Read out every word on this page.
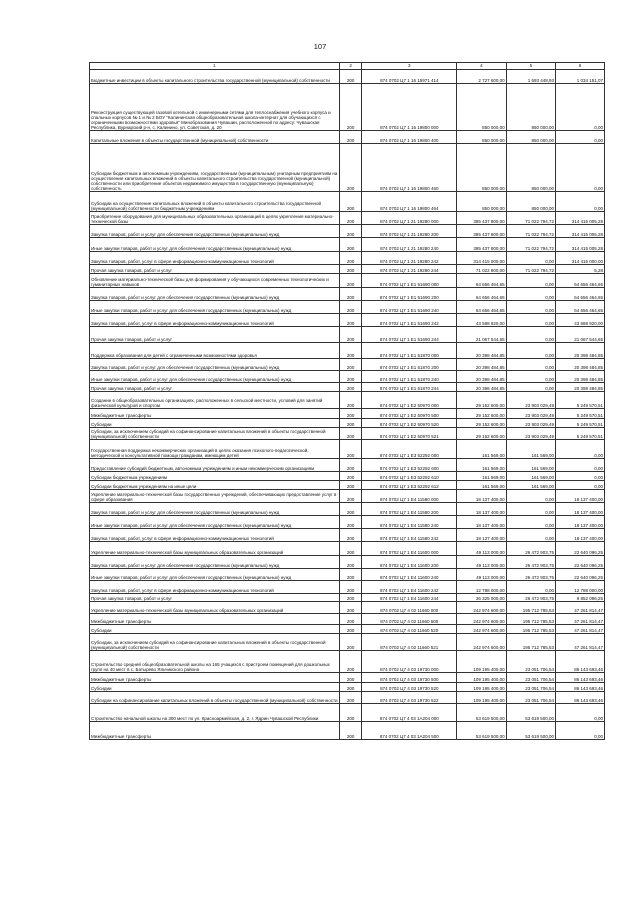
107
1	2	3	4	5	6
Бюджетные инвестиции в объекты капитального строительства государственной (муниципальной) собственности	200	874 0702 Ц7 1 16 15971 414	2 727 600,00	1 693 448,93	1 034 151,07
Реконструкция существующей газовой котельной с инженерными сетями для теплоснабжения учебного корпуса и спальных корпусов № 1 и № 2 БОУ "Калининская общеобразовательная школа-интернат для обучающихся с ограниченными возможностями здоровья" Минобразования Чувашии, расположенной по адресу: Чувашская Республика, Вурнарский р-н, с. Калинино, ул. Советская, д. 20	200	874 0702 Ц7 1 16 19800 000	850 000,00	850 000,00	0,00
Капитальные вложения в объекты государственной (муниципальной) собственности	200	874 0702 Ц7 1 16 19800 400	850 000,00	850 000,00	0,00
Субсидии бюджетным и автономным учреждениям, государственным (муниципальным) унитарным предприятиям на осуществление капитальных вложений в объекты капитального строительства государственной (муниципальной) собственности или приобретение объектов недвижимого имущества в государственную (муниципальную) собственность	200	874 0702 Ц7 1 16 19800 460	850 000,00	850 000,00	0,00
Субсидии на осуществление капитальных вложений в объекты капитального строительства государственной (муниципальной) собственности бюджетным учреждениям	200	874 0702 Ц7 1 16 19800 464	850 000,00	850 000,00	0,00
Приобретение оборудования для муниципальных образовательных организаций в целях укрепления материально-технической базы	200	874 0702 Ц7 1 21 19280 000	385 437 800,00	71 022 794,72	314 415 005,28
Закупка товаров, работ и услуг для обеспечения государственных (муниципальных) нужд	200	874 0702 Ц7 1 21 19280 200	385 437 800,00	71 022 794,72	314 415 005,28
Иные закупки товаров, работ и услуг для обеспечения государственных (муниципальных) нужд	200	874 0702 Ц7 1 21 19280 240	385 437 800,00	71 022 794,72	314 415 005,28
Закупка товаров, работ, услуг в сфере информационно-коммуникационных технологий	200	874 0702 Ц7 1 21 19280 242	314 415 000,00	0,00	314 415 000,00
Прочая закупка товаров, работ и услуг	200	874 0702 Ц7 1 21 19280 244	71 022 800,00	71 022 794,72	5,28
Обновление материально-технической базы для формирования у обучающихся современных технологических и гуманитарных навыков	200	874 0702 Ц7 1 E1 51690 000	64 656 464,65	0,00	64 656 464,65
Закупка товаров, работ и услуг для обеспечения государственных (муниципальных) нужд	200	874 0702 Ц7 1 E1 51690 200	64 656 464,65	0,00	64 656 464,65
Иные закупки товаров, работ и услуг для обеспечения государственных (муниципальных) нужд	200	874 0702 Ц7 1 E1 51690 240	64 656 464,65	0,00	64 656 464,65
Закупка товаров, работ, услуг в сфере информационно-коммуникационных технологий	200	874 0702 Ц7 1 E1 51690 242	43 588 920,00	0,00	43 588 920,00
Прочая закупка товаров, работ и услуг	200	874 0702 Ц7 1 E1 51690 244	21 067 544,65	0,00	21 067 544,65
Поддержка образования для детей с ограниченными возможностями здоровья	200	874 0702 Ц7 1 E1 51870 000	20 398 484,85	0,00	20 398 484,85
Закупка товаров, работ и услуг для обеспечения государственных (муниципальных) нужд	200	874 0702 Ц7 1 E1 51870 200	20 398 484,85	0,00	20 398 484,85
Иные закупки товаров, работ и услуг для обеспечения государственных (муниципальных) нужд	200	874 0702 Ц7 1 E1 51870 240	20 398 484,85	0,00	20 398 484,85
Прочая закупка товаров, работ и услуг	200	874 0702 Ц7 1 E1 51870 244	20 398 484,85	0,00	20 398 484,85
Создание в общеобразовательных организациях, расположенных в сельской местности, условий для занятий физической культурой и спортом	200	874 0702 Ц7 1 E2 50970 000	29 152 600,00	23 903 029,49	5 249 570,51
Межбюджетные трансферты	200	874 0702 Ц7 1 E2 50970 500	29 152 600,00	23 903 029,49	5 249 570,51
Субсидии	200	874 0702 Ц7 1 E2 50970 520	29 152 600,00	23 903 029,49	5 249 570,51
Субсидии, за исключением субсидий на софинансирование капитальных вложений в объекты государственной (муниципальной) собственности	200	874 0702 Ц7 1 E2 50970 521	29 152 600,00	23 903 029,49	5 249 570,51
Государственная поддержка некоммерческих организаций в целях оказания психолого-педагогической, методической и консультативной помощи гражданам, имеющим детей	200	874 0702 Ц7 1 E3 52292 000	161 569,00	161 569,00	0,00
Предоставление субсидий бюджетным, автономным учреждениям и иным некоммерческим организациям	200	874 0702 Ц7 1 E3 52292 600	161 569,00	161 569,00	0,00
Субсидии бюджетным учреждениям	200	874 0702 Ц7 1 E3 52292 610	161 569,00	161 569,00	0,00
Субсидии бюджетным учреждениям на иные цели	200	874 0702 Ц7 1 E3 52292 612	161 569,00	161 569,00	0,00
Укрепление материально-технической базы государственных учреждений, обеспечивающих предоставление услуг в сфере образования	200	874 0702 Ц7 1 E4 11580 000	18 137 400,00	0,00	18 137 400,00
Закупка товаров, работ и услуг для обеспечения государственных (муниципальных) нужд	200	874 0702 Ц7 1 E4 11580 200	18 137 400,00	0,00	18 137 400,00
Иные закупки товаров, работ и услуг для обеспечения государственных (муниципальных) нужд	200	874 0702 Ц7 1 E4 11580 240	18 137 400,00	0,00	18 137 400,00
Закупка товаров, работ, услуг в сфере информационно-коммуникационных технологий	200	874 0702 Ц7 1 E4 11580 242	18 137 400,00	0,00	18 137 400,00
Укрепление материально-технической базы муниципальных образовательных организаций	200	874 0702 Ц7 1 E4 11600 000	49 113 000,00	26 472 903,75	22 640 096,25
Закупка товаров, работ и услуг для обеспечения государственных (муниципальных) нужд	200	874 0702 Ц7 1 E4 11600 200	49 113 000,00	26 472 903,75	22 640 096,25
Иные закупки товаров, работ и услуг для обеспечения государственных (муниципальных) нужд	200	874 0702 Ц7 1 E4 11600 240	49 113 000,00	26 472 903,75	22 640 096,25
Закупка товаров, работ, услуг в сфере информационно-коммуникационных технологий	200	874 0702 Ц7 1 E4 11600 242	12 788 000,00	0,00	12 788 000,00
Прочая закупка товаров, работ и услуг	200	874 0702 Ц7 1 E4 11600 244	36 325 000,00	26 472 903,75	9 852 096,25
Укрепление материально-технической базы муниципальных образовательных организаций	200	874 0702 Ц7 4 02 11660 000	242 974 600,00	195 712 785,53	47 261 814,47
Межбюджетные трансферты	200	874 0702 Ц7 4 02 11660 500	242 974 600,00	195 712 785,53	47 261 814,47
Субсидии	200	874 0702 Ц7 4 02 11660 520	242 974 600,00	195 712 785,53	47 261 814,47
Субсидии, за исключением субсидий на софинансирование капитальных вложений в объекты государственной (муниципальной) собственности	200	874 0702 Ц7 4 02 11660 521	242 974 600,00	195 712 785,53	47 261 814,47
Строительство средней общеобразовательной школы на 165 учащихся с пристроем помещений для дошкольных групп на 40 мест в с. Батырево Яльчикского района	200	874 0702 Ц7 4 03 19730 000	109 195 400,00	23 051 706,54	86 143 693,46
Межбюджетные трансферты	200	874 0702 Ц7 4 03 19730 500	109 195 400,00	23 051 706,54	86 143 693,46
Субсидии	200	874 0702 Ц7 4 03 19730 520	109 195 400,00	23 051 706,54	86 143 693,46
Субсидии на софинансирование капитальных вложений в объекты государственной (муниципальной) собственности	200	874 0702 Ц7 4 03 19730 522	109 195 400,00	23 051 706,54	86 143 693,46
Строительство начальной школы на 300 мест по ул. Красноармейская, д. 2, г. Ядрин Чувашской Республики	200	874 0702 Ц7 4 03 1A204 000	53 619 500,00	53 619 500,00	0,00
Межбюджетные трансферты	200	874 0702 Ц7 4 03 1A204 500	53 619 500,00	53 619 500,00	0,00
